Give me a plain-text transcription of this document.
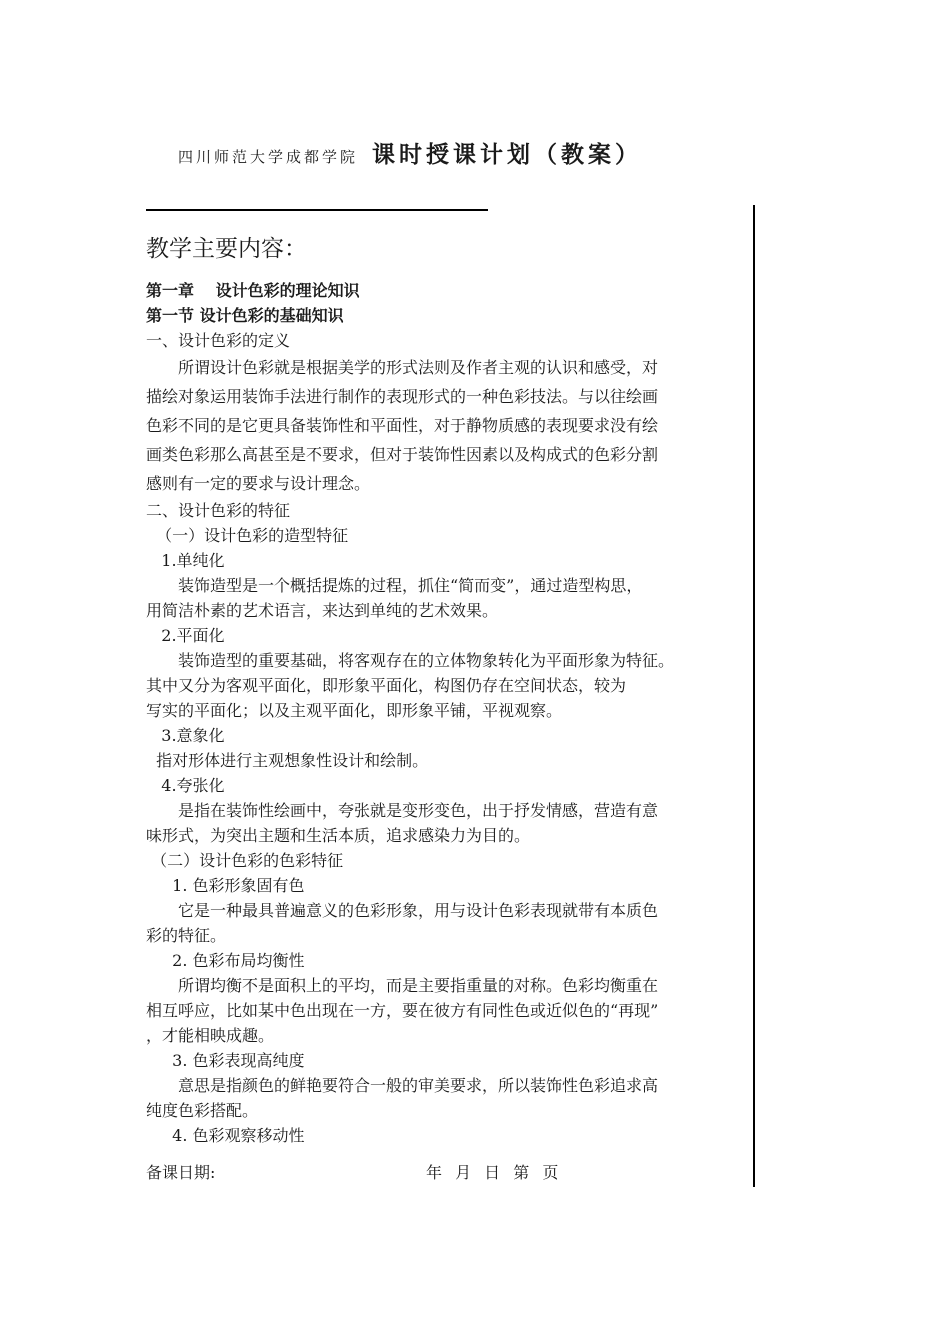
四川师范大学成都学院 课时授课计划（教案）
教学主要内容：
第一章　 设计色彩的理论知识
第一节 设计色彩的基础知识
一、设计色彩的定义
　　所谓设计色彩就是根据美学的形式法则及作者主观的认识和感受，对
描绘对象运用装饰手法进行制作的表现形式的一种色彩技法。与以往绘画
色彩不同的是它更具备装饰性和平面性，对于静物质感的表现要求没有绘
画类色彩那么高甚至是不要求，但对于装饰性因素以及构成式的色彩分割
感则有一定的要求与设计理念。
二、设计色彩的特征
（一）设计色彩的造型特征
1.单纯化
　　装饰造型是一个概括提炼的过程，抓住“简而变”，通过造型构思，
用简洁朴素的艺术语言，来达到单纯的艺术效果。
2.平面化
　　装饰造型的重要基础，将客观存在的立体物象转化为平面形象为特征。
其中又分为客观平面化，即形象平面化，构图仍存在空间状态，较为
写实的平面化；以及主观平面化，即形象平铺，平视观察。
3.意象化
指对形体进行主观想象性设计和绘制。
4.夸张化
　　是指在装饰性绘画中，夸张就是变形变色，出于抒发情感，营造有意
味形式，为突出主题和生活本质，追求感染力为目的。
（二）设计色彩的色彩特征
　  1. 色彩形象固有色
　　它是一种最具普遍意义的色彩形象，用与设计色彩表现就带有本质色
彩的特征。
　  2. 色彩布局均衡性
　　所谓均衡不是面积上的平均，而是主要指重量的对称。色彩均衡重在
相互呼应，比如某中色出现在一方，要在彼方有同性色或近似色的“再现”
，才能相映成趣。
　  3. 色彩表现高纯度
　　意思是指颜色的鲜艳要符合一般的审美要求，所以装饰性色彩追求高
纯度色彩搭配。
　  4. 色彩观察移动性
备课日期:	年 月 日 第 页
